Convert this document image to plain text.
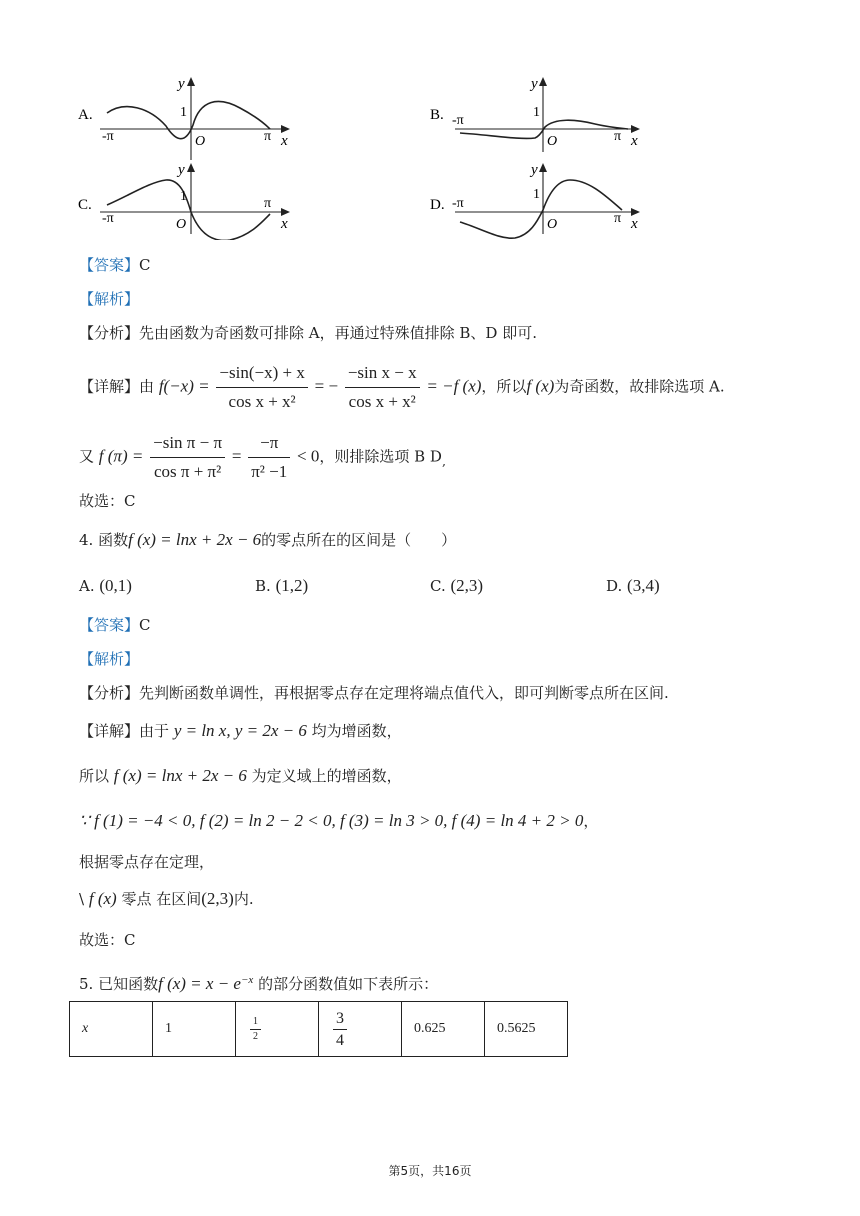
A.
-π	π
y
1
O	x
B. -π
π
y
1
O	x
C.
-π
π
y
1
O	x
D. -π
π
y
1
O	x
【答案】C
【解析】
【分析】先由函数为奇函数可排除 A，再通过特殊值排除 B、D 即可.
【详解】由 $f(-x) = \frac{-\sin(-x) + x}{\text{cos x + x²}}$ = − $\frac{\text{−sin x − x}}{\text{cos x + x²}} = -f$ (x)，所以f (x)为奇函数，故排除选项 A.
又 f $(\pi) = \frac{\text{−sin π − π}}{\text{cos π + π²}} = \frac{-\pi}{\text{π² −1}} < 0$，则排除选项 B $D_,$
故选：C
4. 函数f (x) = lnx + 2x − 6的零点所在的区间是（　　）
A. (0,1)	B. (1,2)	C. (2,3)	D. (3,4)
【答案】C
【解析】
【分析】先判断函数单调性，再根据零点存在定理将端点值代入，即可判断零点所在区间.
【详解】由于 y = ln x, y = 2x − 6 均为增函数，
所以 f (x) = lnx + 2x − 6 为定义域上的增函数，
∵ f (1) = −4 < 0, f (2) = ln 2 − 2 < 0, f (3) = ln 3 > 0, f (4) = ln 4 + 2 > 0，
根据零点存在定理，
\ f (x) 零点 在区间(2,3)内.
故选：C
5. 已知函数f $(x) = x - e^{-x}$ 的部分函数值如下表所示：
x	1	$\frac{1}{2}$	$\frac{3}{4}$	0.625	0.5625
第5页，共16页
